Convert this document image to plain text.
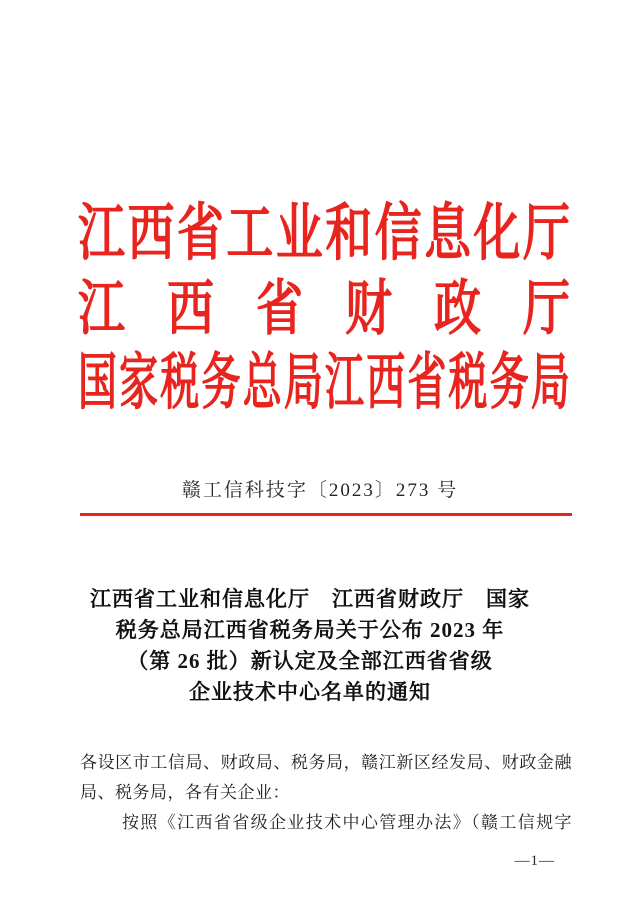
江 西 省 工 业 和 信 息 化 厅
江 西 省 财 政 厅
国 家 税 务 总 局 江 西 省 税 务 局
赣工信科技字〔2023〕273 号
江西省工业和信息化厅　江西省财政厅　国家
税务总局江西省税务局关于公布 2023 年
（第 26 批）新认定及全部江西省省级
企业技术中心名单的通知

各设区市工信局、财政局、税务局，赣江新区经发局、财政金融局、税务局，各有关企业：

按照《江西省省级企业技术中心管理办法》（赣工信规字

—1—
